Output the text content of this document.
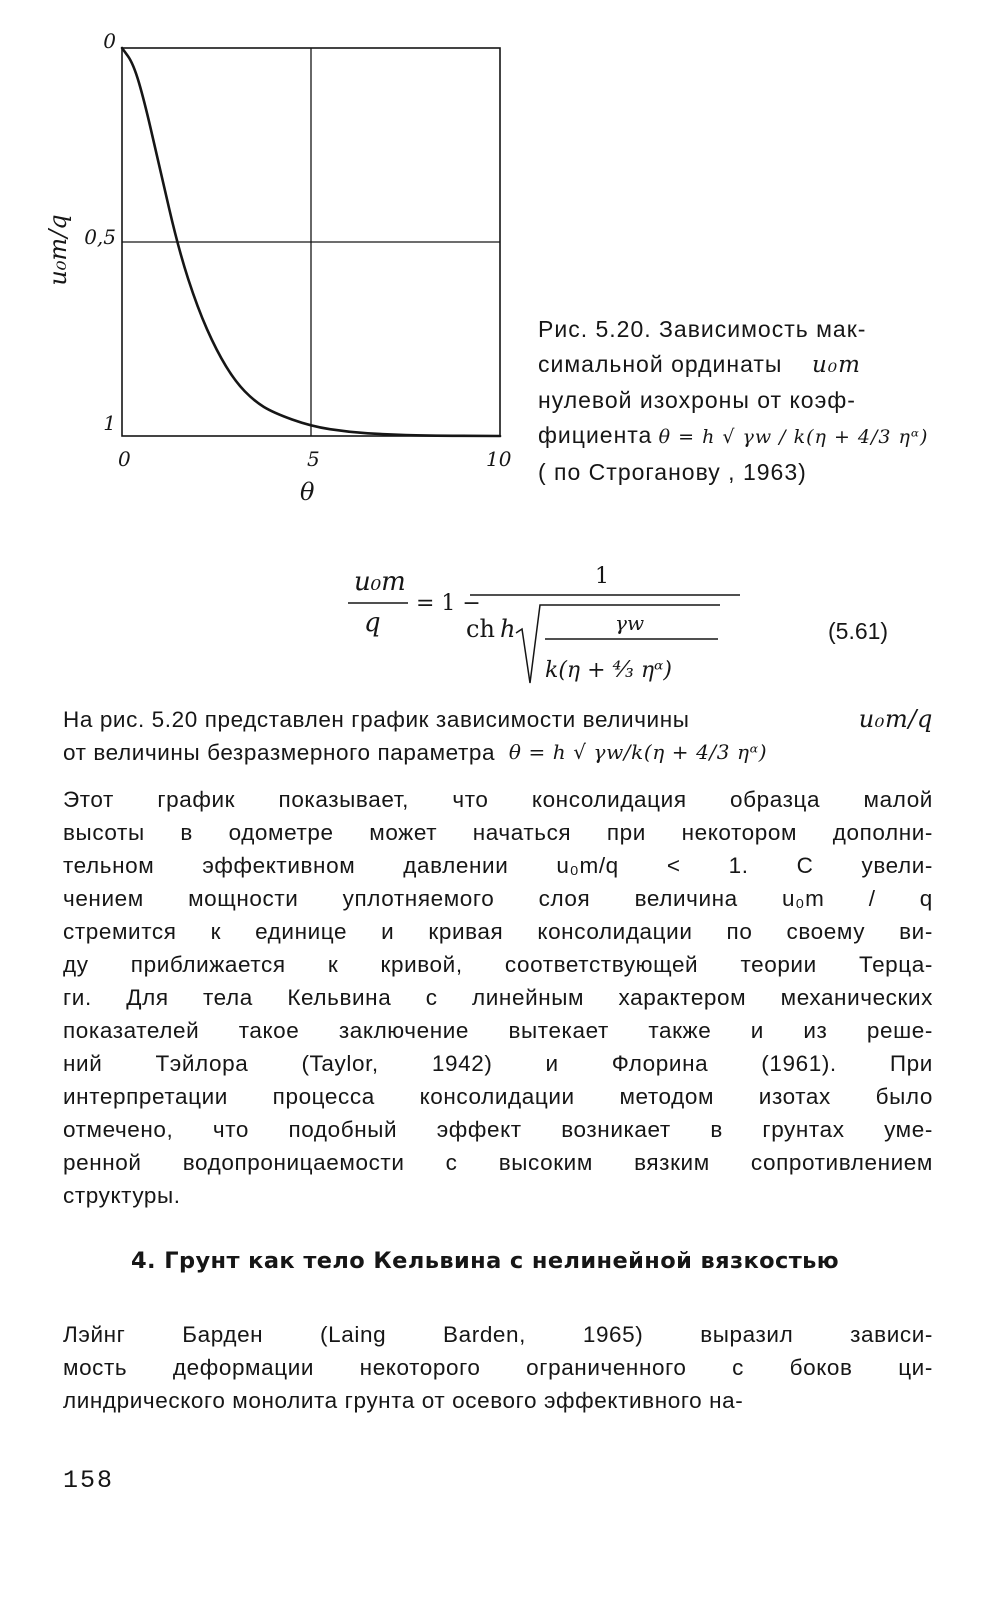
0	5	10
0
0,5
1
θ
u₀m/q
Рис. 5.20. Зависимость мак-
симальной ординаты u₀m
нулевой изохроны от коэф-
фициента θ = h √ γw / k(η + 4/3 ηᵅ)
( по Строганову , 1963)
u₀m
q
= 1 −
1
ch h	γw
k(η + ⁴⁄₃ ηᵅ)
(5.61)
На рис. 5.20 представлен график зависимости величины	u₀m/q
от величины безразмерного параметра
θ = h √ γw/k(η + 4/3 ηᵅ)
Этот график показывает, что консолидация образца малой
высоты в одометре может начаться при некотором дополни-
тельном эффективном давлении u₀m/q < 1. С увели-
чением мощности уплотняемого слоя величина u₀m / q
стремится к единице и кривая консолидации по своему ви-
ду приближается к кривой, соответствующей теории Терца-
ги. Для тела Кельвина с линейным характером механических
показателей такое заключение вытекает также и из реше-
ний Тэйлора (Taylor, 1942) и Флорина (1961). При
интерпретации процесса консолидации методом изотах было
отмечено, что подобный эффект возникает в грунтах уме-
ренной водопроницаемости с высоким вязким сопротивлением
структуры.
4. Грунт как тело Кельвина с нелинейной вязкостью
Лэйнг	Барден	(Laing	Barden,	1965)	выразил	зависи-
мость деформации некоторого ограниченного с боков ци-
линдрического монолита грунта от осевого эффективного на-
158
